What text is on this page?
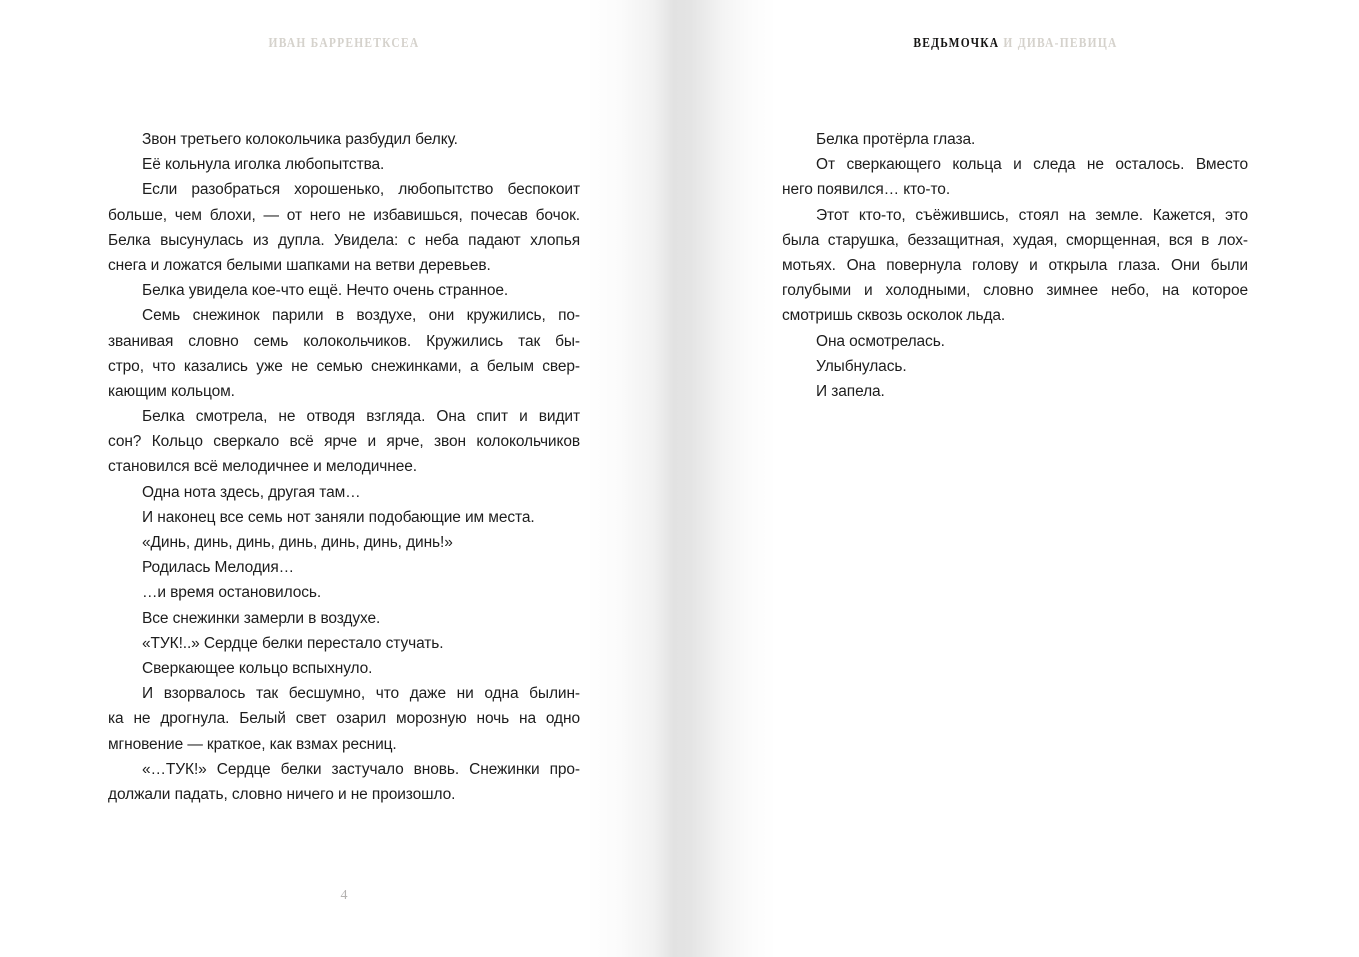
ИВАН БАРРЕНЕТКСЕА	ВЕДЬМОЧКА И ДИВА-ПЕВИЦА
Звон третьего колокольчика разбудил белку.
Её кольнула иголка любопытства.
Если разобраться хорошенько, любопытство беспокоит
больше, чем блохи, — от него не избавишься, почесав бочок.
Белка высунулась из дупла. Увидела: с неба падают хлопья
снега и ложатся белыми шапками на ветви деревьев.
Белка увидела кое-что ещё. Нечто очень странное.
Семь снежинок парили в воздухе, они кружились, по-
званивая словно семь колокольчиков. Кружились так бы-
стро, что казались уже не семью снежинками, а белым свер-
кающим кольцом.
Белка смотрела, не отводя взгляда. Она спит и видит
сон? Кольцо сверкало всё ярче и ярче, звон колокольчиков
становился всё мелодичнее и мелодичнее.
Одна нота здесь, другая там…
И наконец все семь нот заняли подобающие им места.
«Динь, динь, динь, динь, динь, динь, динь!»
Родилась Мелодия…
…и время остановилось.
Все снежинки замерли в воздухе.
«ТУК!..» Сердце белки перестало стучать.
Сверкающее кольцо вспыхнуло.
И взорвалось так бесшумно, что даже ни одна былин-
ка не дрогнула. Белый свет озарил морозную ночь на одно
мгновение — краткое, как взмах ресниц.
«…ТУК!» Сердце белки застучало вновь. Снежинки про-
должали падать, словно ничего и не произошло.
Белка протёрла глаза.
От сверкающего кольца и следа не осталось. Вместо
него появился… кто-то.
Этот кто-то, съёжившись, стоял на земле. Кажется, это
была старушка, беззащитная, худая, сморщенная, вся в лох-
мотьях. Она повернула голову и открыла глаза. Они были
голубыми и холодными, словно зимнее небо, на которое
смотришь сквозь осколок льда.
Она осмотрелась.
Улыбнулась.
И запела.
4
